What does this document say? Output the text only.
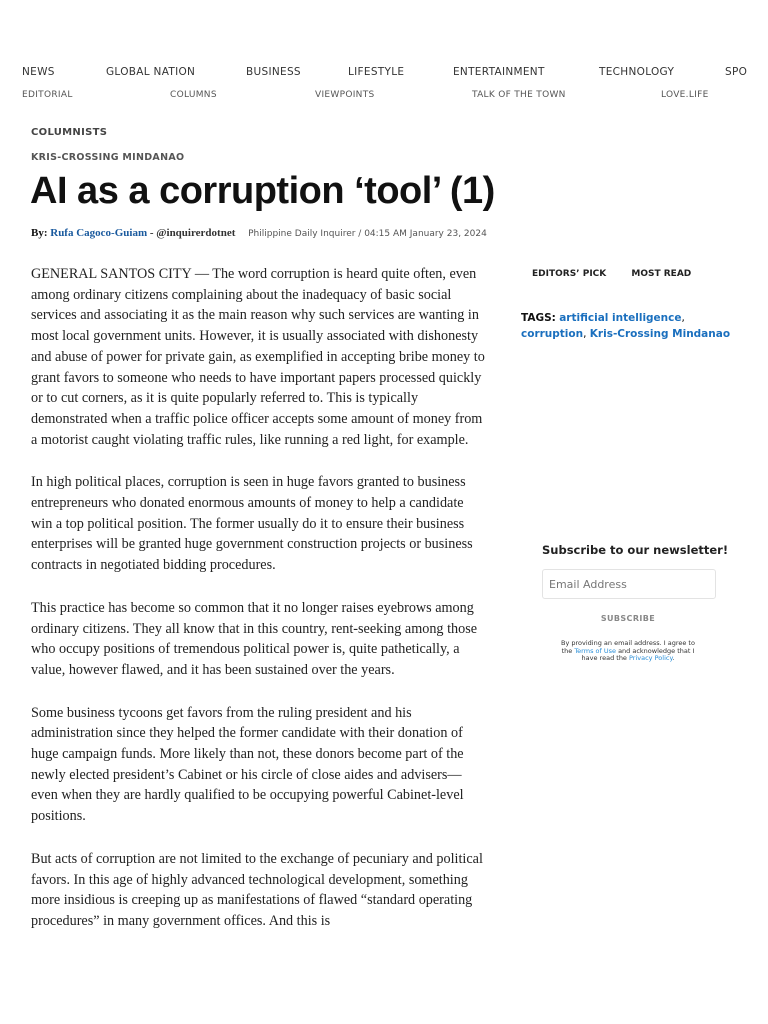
NEWS	GLOBAL NATION	BUSINESS	LIFESTYLE	ENTERTAINMENT	TECHNOLOGY	SPO
EDITORIAL	COLUMNS	VIEWPOINTS	TALK OF THE TOWN	LOVE.LIFE
COLUMNISTS
KRIS-CROSSING MINDANAO
AI as a corruption ‘tool’ (1)
By: Rufa Cagoco-Guiam - @inquirerdotnet Philippine Daily Inquirer / 04:15 AM January 23, 2024

GENERAL SANTOS CITY — The word corruption is heard quite often, even among ordinary citizens complaining about the inadequacy of basic social services and associating it as the main reason why such services are wanting in most local government units. However, it is usually associated with dishonesty and abuse of power for private gain, as exemplified in accepting bribe money to grant favors to someone who needs to have important papers processed quickly or to cut corners, as it is quite popularly referred to. This is typically demonstrated when a traffic police officer accepts some amount of money from a motorist caught violating traffic rules, like running a red light, for example.

In high political places, corruption is seen in huge favors granted to business entrepreneurs who donated enormous amounts of money to help a candidate win a top political position. The former usually do it to ensure their business enterprises will be granted huge government construction projects or business contracts in negotiated bidding procedures.

This practice has become so common that it no longer raises eyebrows among ordinary citizens. They all know that in this country, rent-seeking among those who occupy positions of tremendous political power is, quite pathetically, a value, however flawed, and it has been sustained over the years.

Some business tycoons get favors from the ruling president and his administration since they helped the former candidate with their donation of huge campaign funds. More likely than not, these donors become part of the newly elected president’s Cabinet or his circle of close aides and advisers—even when they are hardly qualified to be occupying powerful Cabinet-level positions.

But acts of corruption are not limited to the exchange of pecuniary and political favors. In this age of highly advanced technological development, something more insidious is creeping up as manifestations of flawed “standard operating procedures” in many government offices. And this is

EDITORS’ PICK	MOST READ
TAGS: artificial intelligence, corruption, Kris-Crossing Mindanao
Subscribe to our newsletter!
Email Address
SUBSCRIBE
By providing an email address. I agree to the Terms of Use and acknowledge that I have read the Privacy Policy.
